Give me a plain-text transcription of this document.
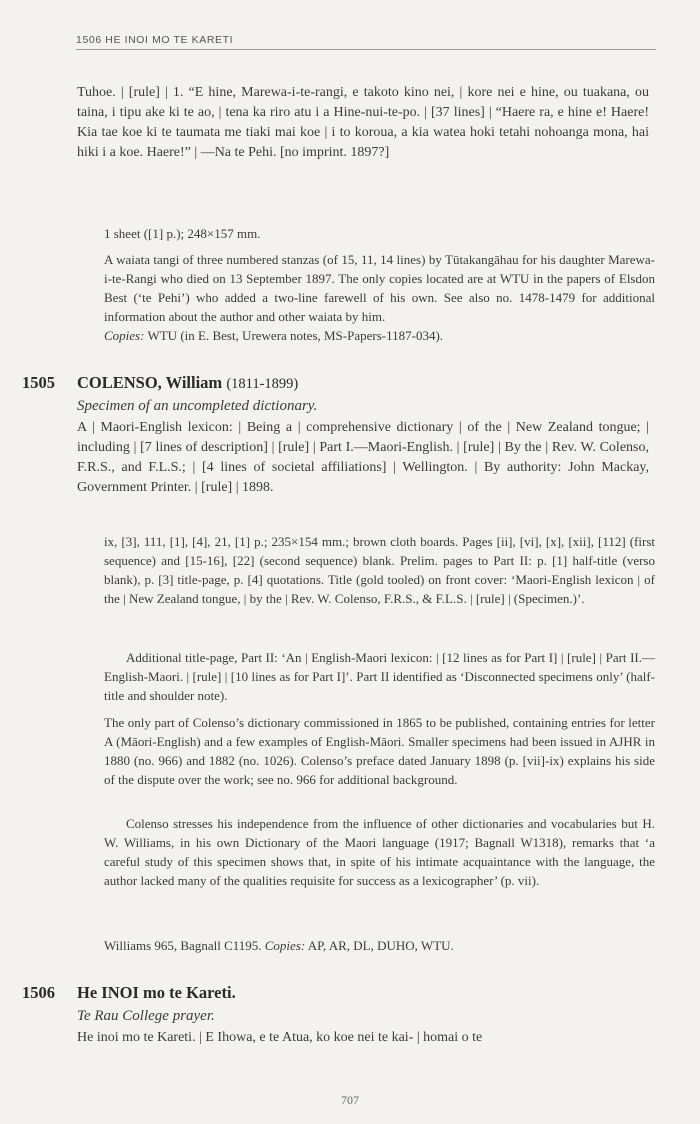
1506 HE INOI MO TE KARETI
Tuhoe. | [rule] | 1. “E hine, Marewa-i-te-rangi, e takoto kino nei, | kore nei e hine, ou tuakana, ou taina, i tipu ake ki te ao, | tena ka riro atu i a Hine-nui-te-po. | [37 lines] | “Haere ra, e hine e! Haere! Kia tae koe ki te taumata me tiaki mai koe | i to koroua, a kia watea hoki tetahi nohoanga mona, hai hiki i a koe. Haere!” | —Na te Pehi. [no imprint. 1897?]
1 sheet ([1] p.); 248×157 mm.
A waiata tangi of three numbered stanzas (of 15, 11, 14 lines) by Tūtakangāhau for his daughter Marewa-i-te-Rangi who died on 13 September 1897. The only copies located are at WTU in the papers of Elsdon Best (‘te Pehi’) who added a two-line farewell of his own. See also no. 1478-1479 for additional information about the author and other waiata by him.
Copies: WTU (in E. Best, Urewera notes, MS-Papers-1187-034).
1505 COLENSO, William (1811-1899)
Specimen of an uncompleted dictionary.
A | Maori-English lexicon: | Being a | comprehensive dictionary | of the | New Zealand tongue; | including | [7 lines of description] | [rule] | Part I.—Maori-English. | [rule] | By the | Rev. W. Colenso, F.R.S., and F.L.S.; | [4 lines of societal affiliations] | Wellington. | By authority: John Mackay, Government Printer. | [rule] | 1898.
ix, [3], 111, [1], [4], 21, [1] p.; 235×154 mm.; brown cloth boards. Pages [ii], [vi], [x], [xii], [112] (first sequence) and [15-16], [22] (second sequence) blank. Prelim. pages to Part II: p. [1] half-title (verso blank), p. [3] title-page, p. [4] quotations. Title (gold tooled) on front cover: ‘Maori-English lexicon | of the | New Zealand tongue, | by the | Rev. W. Colenso, F.R.S., & F.L.S. | [rule] | (Specimen.)’.
Additional title-page, Part II: ‘An | English-Maori lexicon: | [12 lines as for Part I] | [rule] | Part II.—English-Maori. | [rule] | [10 lines as for Part I]’. Part II identified as ‘Disconnected specimens only’ (half-title and shoulder note).
The only part of Colenso’s dictionary commissioned in 1865 to be published, containing entries for letter A (Māori-English) and a few examples of English-Māori. Smaller specimens had been issued in AJHR in 1880 (no. 966) and 1882 (no. 1026). Colenso’s preface dated January 1898 (p. [vii]-ix) explains his side of the dispute over the work; see no. 966 for additional background.
Colenso stresses his independence from the influence of other dictionaries and vocabularies but H. W. Williams, in his own Dictionary of the Maori language (1917; Bagnall W1318), remarks that ‘a careful study of this specimen shows that, in spite of his intimate acquaintance with the language, the author lacked many of the qualities requisite for success as a lexicographer’ (p. vii).
Williams 965, Bagnall C1195. Copies: AP, AR, DL, DUHO, WTU.
1506 He INOI mo te Kareti.
Te Rau College prayer.
He inoi mo te Kareti. | E Ihowa, e te Atua, ko koe nei te kai- | homai o te
707
